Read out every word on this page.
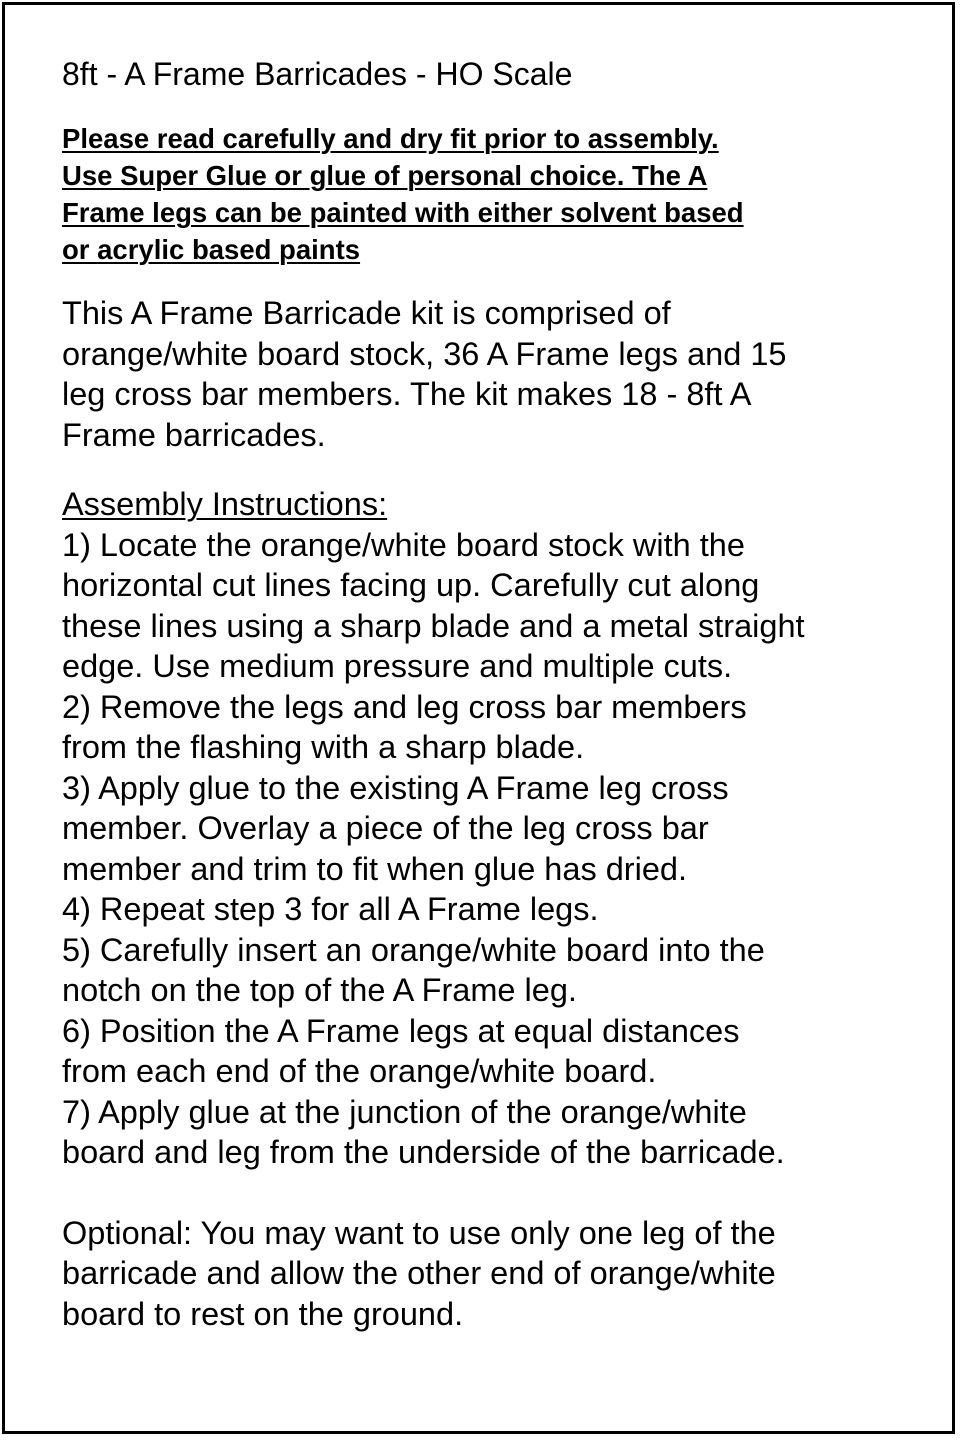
8ft - A Frame Barricades - HO Scale
Please read carefully and dry fit prior to assembly.
Use Super Glue or glue of personal choice. The A
Frame legs can be painted with either solvent based
or acrylic based paints
This A Frame Barricade kit is comprised of
orange/white board stock, 36 A Frame legs and 15
leg cross bar members. The kit makes 18 - 8ft A
Frame barricades.
Assembly Instructions:
1) Locate the orange/white board stock with the
horizontal cut lines facing up. Carefully cut along
these lines using a sharp blade and a metal straight
edge. Use medium pressure and multiple cuts.
2) Remove the legs and leg cross bar members
from the flashing with a sharp blade.
3) Apply glue to the existing A Frame leg cross
member. Overlay a piece of the leg cross bar
member and trim to fit when glue has dried.
4) Repeat step 3 for all A Frame legs.
5) Carefully insert an orange/white board into the
notch on the top of the A Frame leg.
6) Position the A Frame legs at equal distances
from each end of the orange/white board.
7) Apply glue at the junction of the orange/white
board and leg from the underside of the barricade.
Optional: You may want to use only one leg of the
barricade and allow the other end of orange/white
board to rest on the ground.
